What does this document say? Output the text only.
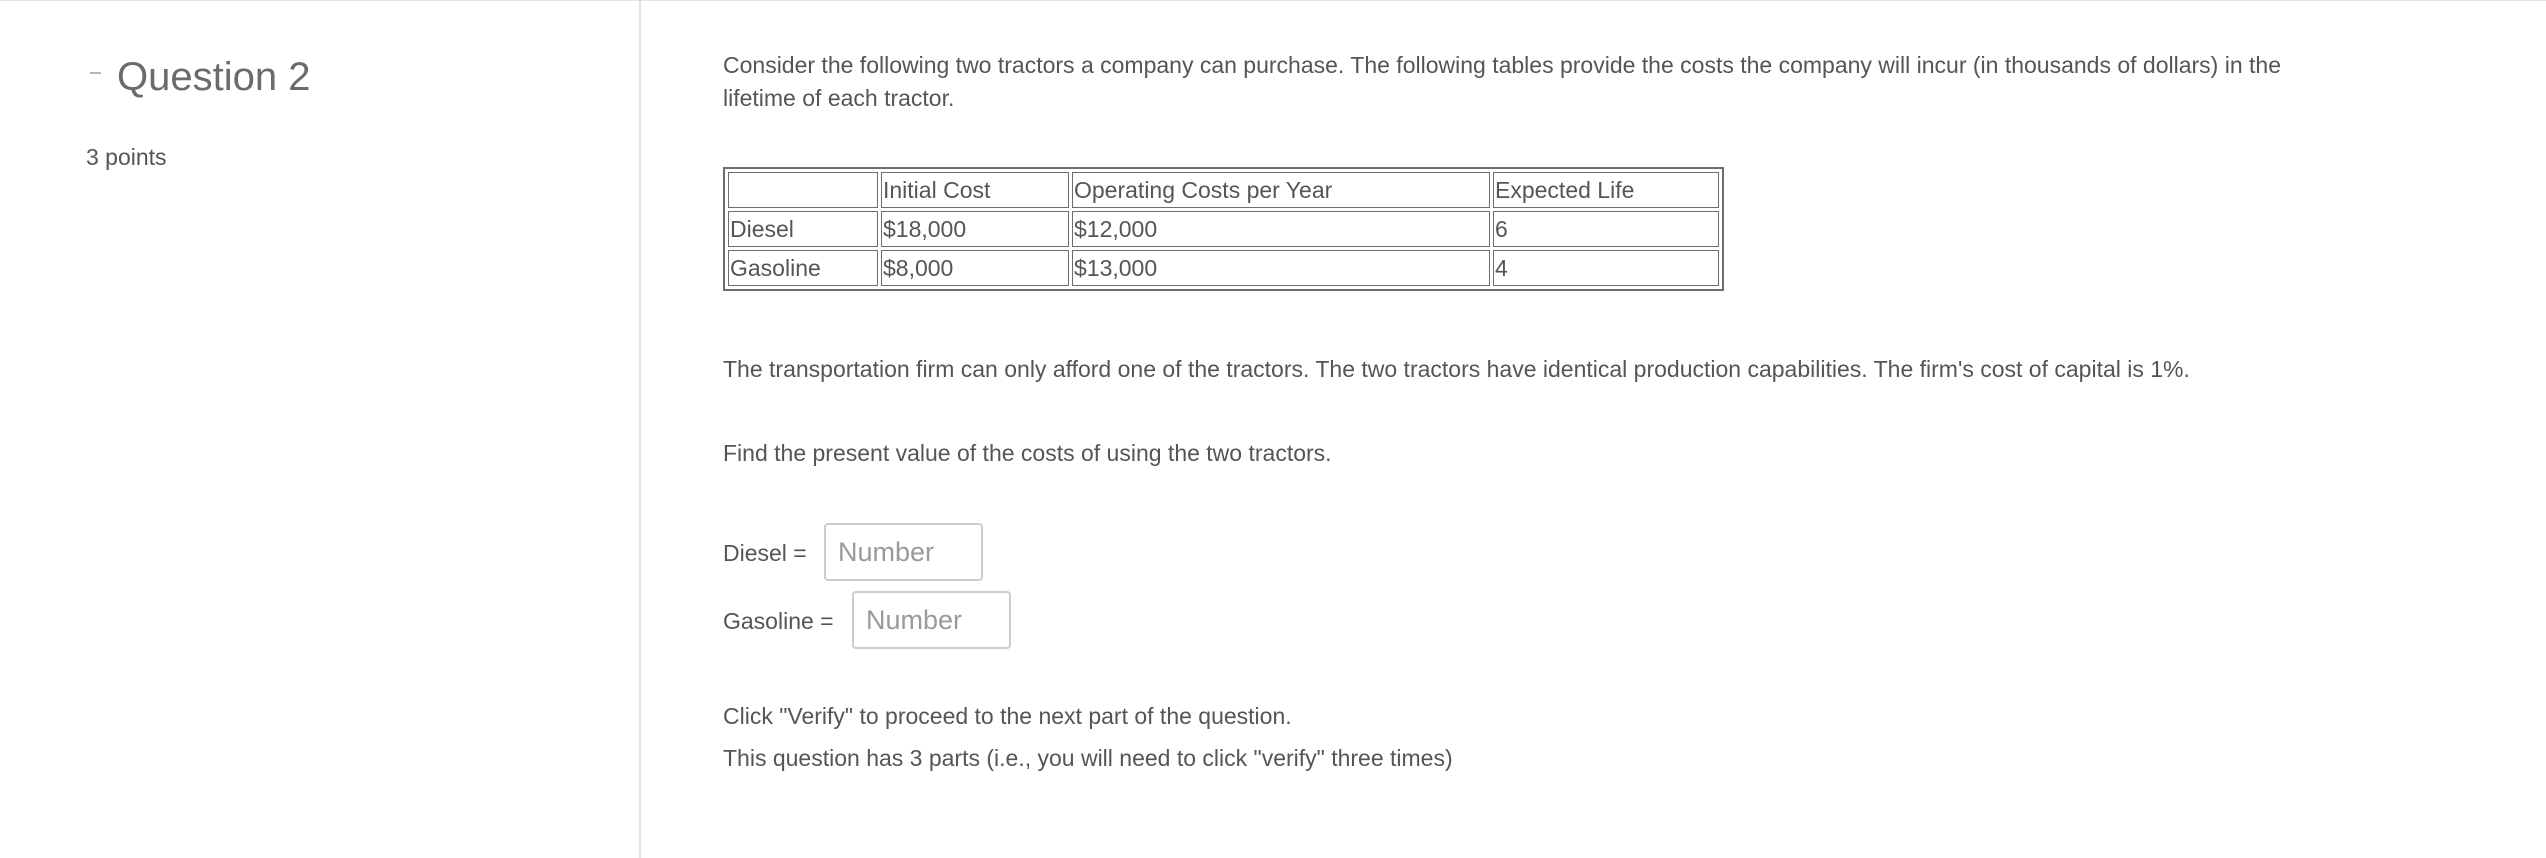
Question 2
3 points
Consider the following two tractors a company can purchase. The following tables provide the costs the company will incur (in thousands of dollars) in the
lifetime of each tractor.
	Initial Cost	Operating Costs per Year	Expected Life
Diesel	$18,000	$12,000	6
Gasoline	$8,000	$13,000	4
The transportation firm can only afford one of the tractors. The two tractors have identical production capabilities. The firm's cost of capital is 1%.
Find the present value of the costs of using the two tractors.
Diesel =
Number
Gasoline =
Number
Click "Verify" to proceed to the next part of the question.
This question has 3 parts (i.e., you will need to click "verify" three times)
